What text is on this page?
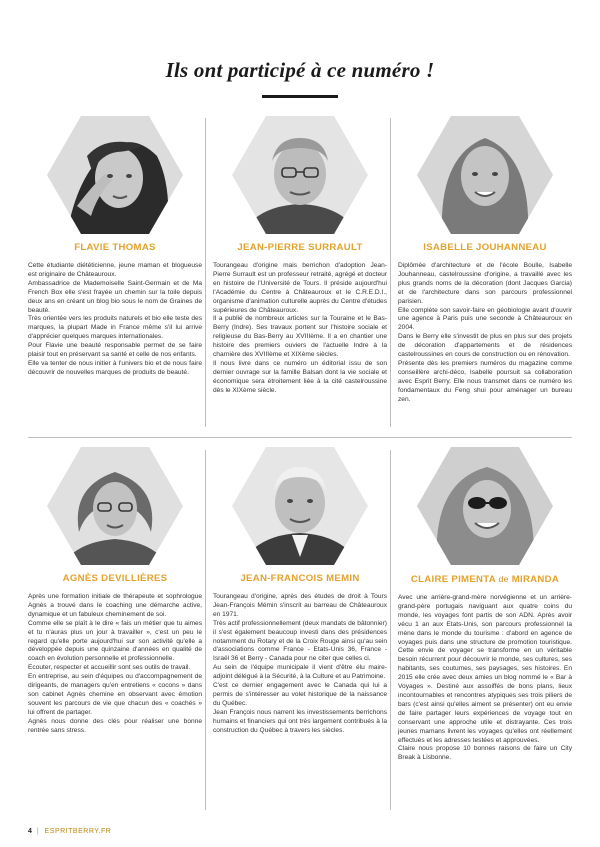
Ils ont participé à ce numéro !
FLAVIE THOMAS

Cette étudiante diététicienne, jeune maman et blogueuse est originaire de Châteauroux.

Ambassadrice de Mademoiselle Saint-Germain et de Ma French Box elle s'est frayée un chemin sur la toile depuis deux ans en créant un blog bio sous le nom de Graines de beauté.

Très orientée vers les produits naturels et bio elle teste des marques, la plupart Made in France même s'il lui arrive d'apprécier quelques marques internationales.

Pour Flavie une beauté responsable permet de se faire plaisir tout en préservant sa santé et celle de nos enfants.

Elle va tenter de nous initier à l'univers bio et de nous faire découvrir de nouvelles marques de produits de beauté.

JEAN-PIERRE SURRAULT

Tourangeau d'origine mais berrichon d'adoption Jean-Pierre Surrault est un professeur retraité, agrégé et docteur en histoire de l'Université de Tours. Il préside aujourd'hui l'Académie du Centre à Châteauroux et le C.R.E.D.I., organisme d'animation culturelle auprès du Centre d'études supérieures de Châteauroux.

Il a publié de nombreux articles sur la Touraine et le Bas-Berry (Indre). Ses travaux portent sur l'histoire sociale et religieuse du Bas-Berry au XVIIIème. Il a en chantier une histoire des premiers ouviers de l'actuelle Indre à la charnière des XVIIIème et XIXème siècles.

Il nous livre dans ce numéro un éditorial issu de son dernier ouvrage sur la famille Balsan dont la vie sociale et économique sera étroitement liée à la cité castelroussine dès le XIXème siècle.

ISABELLE JOUHANNEAU

Diplômée d'architecture et de l'école Boulle, Isabelle Jouhanneau, castelroussine d'origine, a travaillé avec les plus grands noms de la décoration (dont Jacques Garcia) et de l'architecture dans son parcours professionnel parisien.

Elle complète son savoir-faire en géobiologie avant d'ouvrir une agence à Paris puis une seconde à Châteauroux en 2004.

Dans le Berry elle s'investit de plus en plus sur des projets de décoration d'appartements et de résidences castelroussines en cours de construction ou en rénovation.

Présente dès les premiers numéros du magazine comme conseillère archi-déco, Isabelle poursuit sa collaboration avec Esprit Berry. Elle nous transmet dans ce numéro les fondamentaux du Feng shui pour aménager un bureau zen.

AGNÈS DEVILLIÈRES

Après une formation initiale de thérapeute et sophrologue Agnès a trouvé dans le coaching une démarche active, dynamique et un fabuleux cheminement de soi.

Comme elle se plaît à le dire « fais un métier que tu aimes et tu n'auras plus un jour à travailler », c'est un peu le regard qu'elle porte aujourd'hui sur son activité qu'elle a développée depuis une quinzaine d'années en qualité de coach en évolution personnelle et professionnelle.

Ecouter, respecter et accueillir sont ses outils de travail.

En entreprise, au sein d'équipes ou d'accompagnement de dirigeants, de managers qu'en entretiens « cocons » dans son cabinet Agnès chemine en observant avec émotion souvent les parcours de vie que chacun des « coachés » lui offrent de partager.

Agnès nous donne des clés pour réaliser une bonne rentrée sans stress.

JEAN-FRANCOIS MEMIN

Tourangeau d'origine, après des études de droit à Tours Jean-François Mémin s'inscrit au barreau de Châteauroux en 1971.

Très actif professionnellement (deux mandats de bâtonnier) il s'est également beaucoup investi dans des présidences notamment du Rotary et de la Croix Rouge ainsi qu'au sein d'associations comme France - Etats-Unis 36, France - Israël 36 et Berry - Canada pour ne citer que celles ci.

Au sein de l'équipe municipale il vient d'être élu maire-adjoint délégué à la Sécurité, à la Culture et au Patrimoine.

C'est ce dernier engagement avec le Canada qui lui a permis de s'intéresser au volet historique de la naissance du Québec.

Jean François nous narrent les investissements berrichons humains et financiers qui ont très largement contribués à la construction du Québec à travers les siècles.

CLAIRE PIMENTA de MIRANDA

Avec une arrière-grand-mère norvégienne et un arrière-grand-père portugais naviguant aux quatre coins du monde, les voyages font partis de son ADN. Après avoir vécu 1 an aux Etats-Unis, son parcours professionnel la mène dans le monde du tourisme : d'abord en agence de voyages puis dans une structure de promotion touristique. Cette envie de voyager se transforme en un véritable besoin récurrent pour découvrir le monde, ses cultures, ses habitants, ses coutumes, ses paysages, ses histoires. En 2015 elle crée avec deux amies un blog nommé le « Bar à Voyages ». Destiné aux assoiffés de bons plans, lieux incontournables et rencontres atypiques ses trois piliers de bars (c'est ainsi qu'elles aiment se présenter) ont eu envie de faire partager leurs expériences de voyage tout en conservant une approche utile et distrayante. Ces trois jeunes mamans livrent les voyages qu'elles ont réellement effectués et les adresses testées et approuvées.

Claire nous propose 10 bonnes raisons de faire un City Break à Lisbonne.

4 | ESPRITBERRY.FR
